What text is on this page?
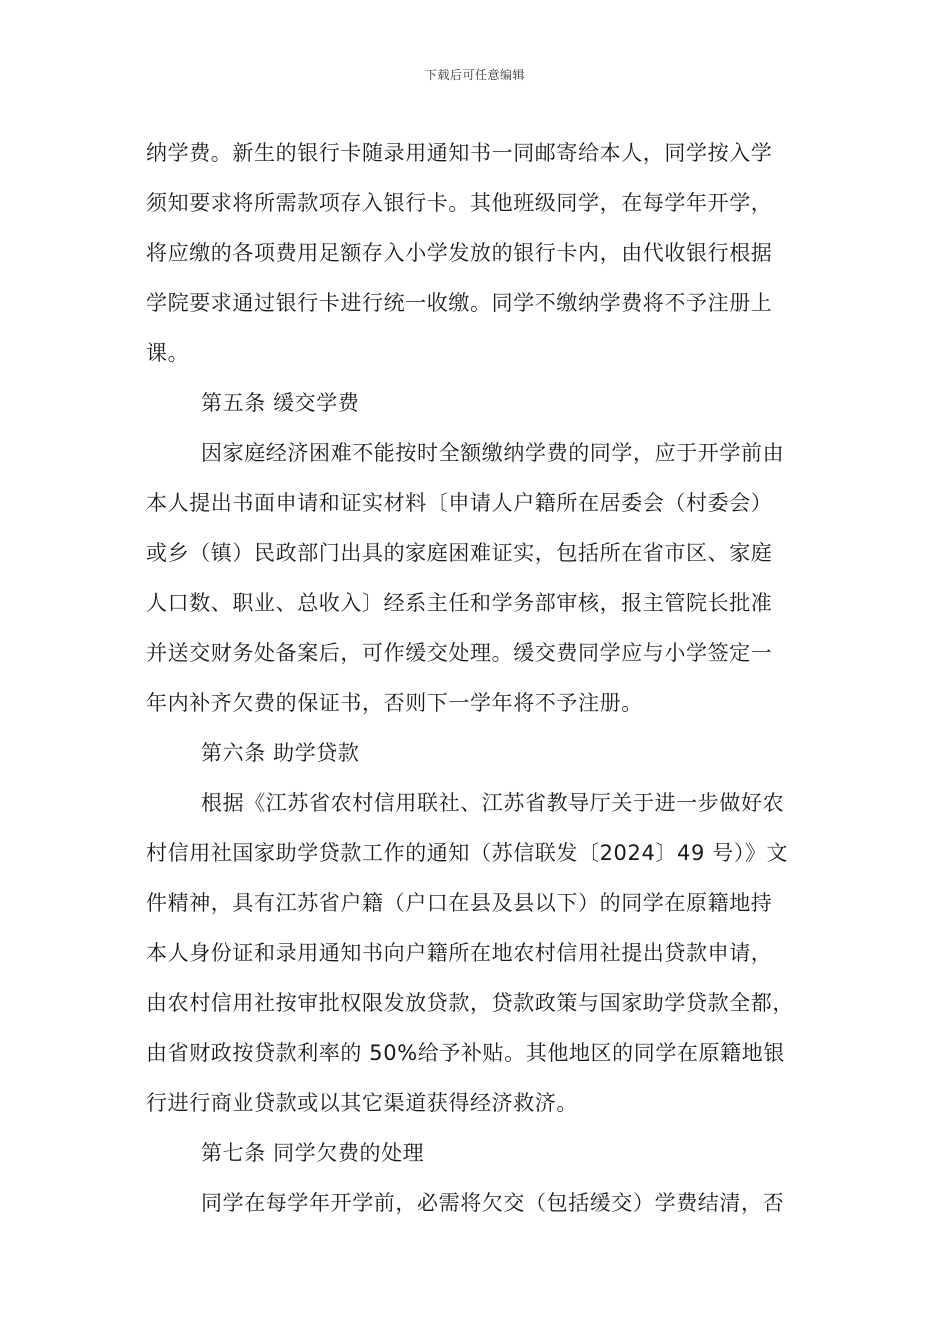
下载后可任意编辑
纳学费。新生的银行卡随录用通知书一同邮寄给本人，同学按入学
须知要求将所需款项存入银行卡。其他班级同学，在每学年开学，
将应缴的各项费用足额存入小学发放的银行卡内，由代收银行根据
学院要求通过银行卡进行统一收缴。同学不缴纳学费将不予注册上
课。
第五条 缓交学费
因家庭经济困难不能按时全额缴纳学费的同学，应于开学前由
本人提出书面申请和证实材料〔申请人户籍所在居委会（村委会）
或乡（镇）民政部门出具的家庭困难证实，包括所在省市区、家庭
人口数、职业、总收入〕经系主任和学务部审核，报主管院长批准
并送交财务处备案后，可作缓交处理。缓交费同学应与小学签定一
年内补齐欠费的保证书，否则下一学年将不予注册。
第六条 助学贷款
根据《江苏省农村信用联社、江苏省教导厅关于进一步做好农
村信用社国家助学贷款工作的通知（苏信联发〔2024〕49 号）》文
件精神，具有江苏省户籍（户口在县及县以下）的同学在原籍地持
本人身份证和录用通知书向户籍所在地农村信用社提出贷款申请，
由农村信用社按审批权限发放贷款，贷款政策与国家助学贷款全都，
由省财政按贷款利率的 50%给予补贴。其他地区的同学在原籍地银
行进行商业贷款或以其它渠道获得经济救济。
第七条 同学欠费的处理
同学在每学年开学前，必需将欠交（包括缓交）学费结清，否
